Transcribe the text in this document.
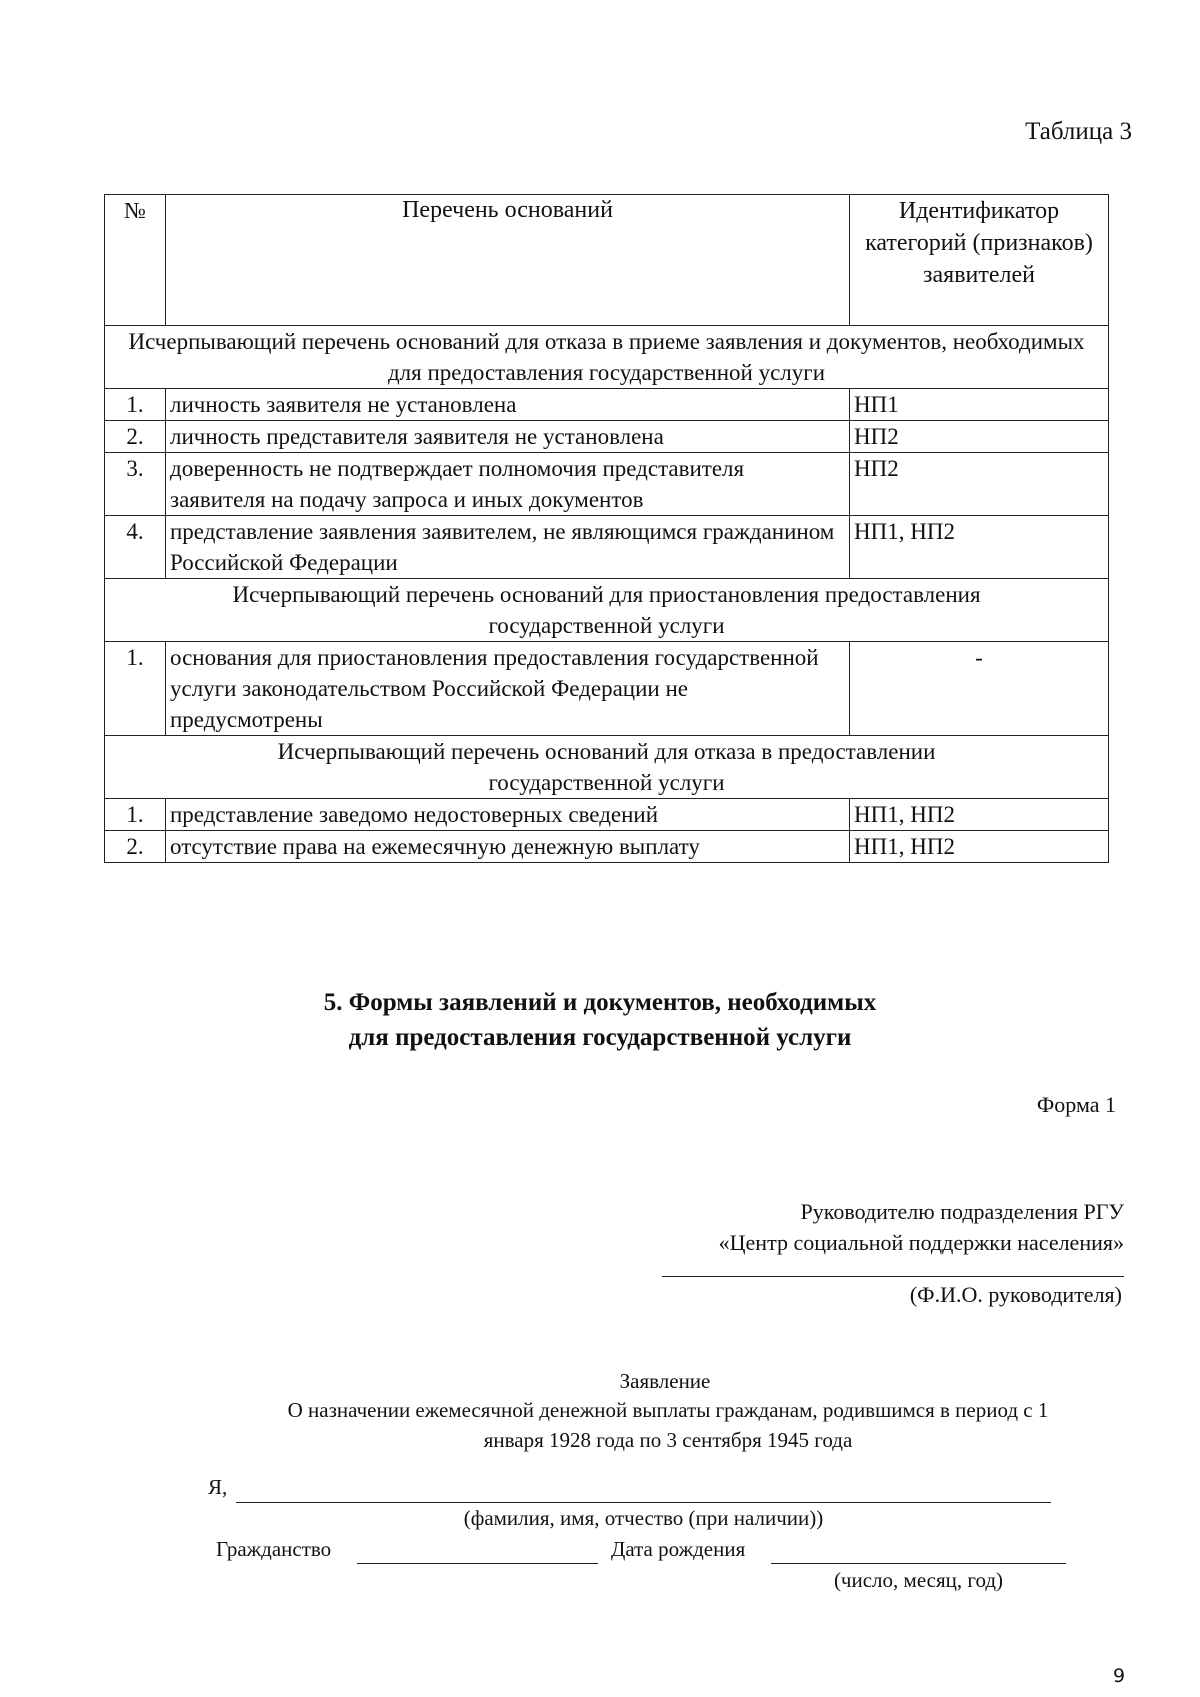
Таблица 3
№	Перечень оснований	Идентификатор категорий (признаков) заявителей
Исчерпывающий перечень оснований для отказа в приеме заявления и документов, необходимых для предоставления государственной услуги		
1.	личность заявителя не установлена	НП1
2.	личность представителя заявителя не установлена	НП2
3.	доверенность не подтверждает полномочия представителя заявителя на подачу запроса и иных документов	НП2
4.	представление заявления заявителем, не являющимся гражданином Российской Федерации	НП1, НП2
Исчерпывающий перечень оснований для приостановления предоставления государственной услуги		
1.	основания для приостановления предоставления государственной услуги законодательством Российской Федерации не предусмотрены	-
Исчерпывающий перечень оснований для отказа в предоставлении государственной услуги		
1.	представление заведомо недостоверных сведений	НП1, НП2
2.	отсутствие права на ежемесячную денежную выплату	НП1, НП2
5. Формы заявлений и документов, необходимых
для предоставления государственной услуги
Форма 1
Руководителю подразделения РГУ
«Центр социальной поддержки населения»
(Ф.И.О. руководителя)
Заявление
О назначении ежемесячной денежной выплаты гражданам, родившимся в период с 1
января 1928 года по 3 сентября 1945 года
Я,
(фамилия, имя, отчество (при наличии))
Гражданство	Дата рождения
(число, месяц, год)
9
